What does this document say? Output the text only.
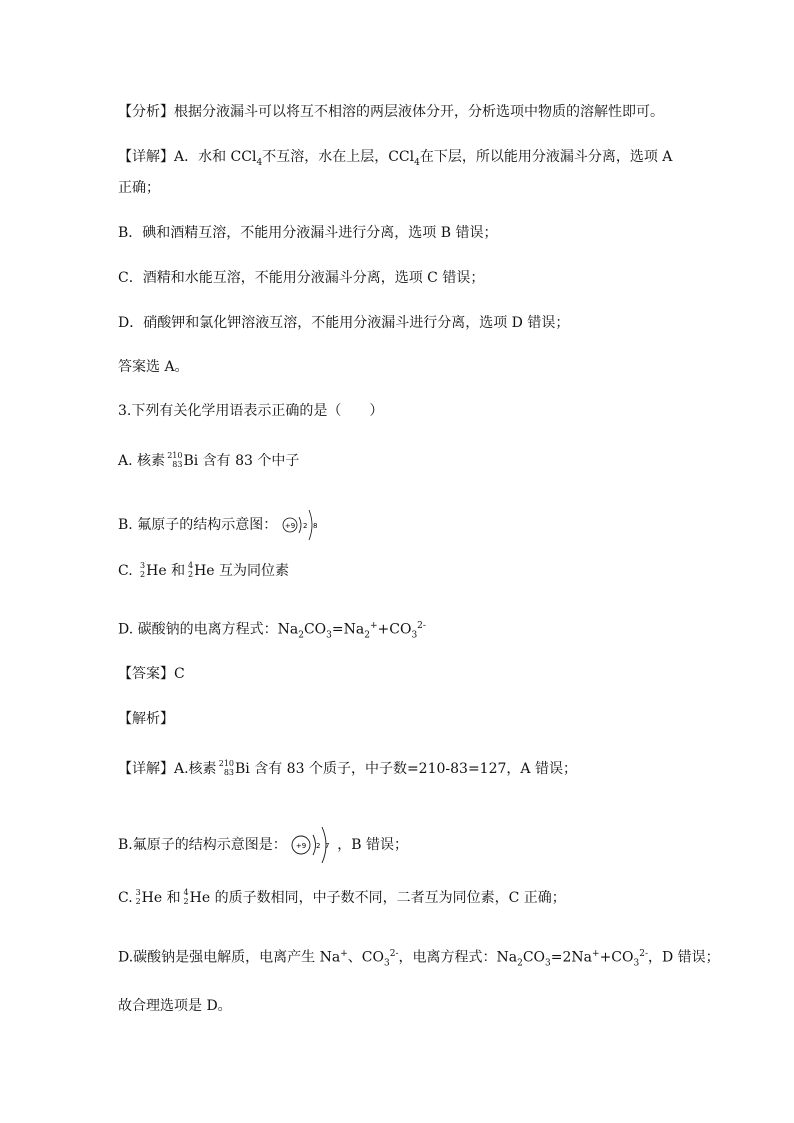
【分析】根据分液漏斗可以将互不相溶的两层液体分开，分析选项中物质的溶解性即可。
【详解】A．水和 CCl$_4$不互溶，水在上层，CCl$_4$在下层，所以能用分液漏斗分离，选项 A
正确；
B．碘和酒精互溶，不能用分液漏斗进行分离，选项 B 错误；
C．酒精和水能互溶，不能用分液漏斗分离，选项 C 错误；
D．硝酸钾和氯化钾溶液互溶，不能用分液漏斗进行分离，选项 D 错误；
答案选 A。
3.下列有关化学用语表示正确的是（　　）
A. 核素
210
83 Bi 含有 83 个中子
B. 氟原子的结构示意图： +9 2 8
C. 3
2 He 和 4
2 He 互为同位素
D. 碳酸钠的电离方程式：$Na_2CO_3=Na_2^++CO_3^{2-}$
【答案】C
【解析】
【详解】A.核素
210
83 Bi 含有 83 个质子，中子数=210-83=127，A 错误；
B.氟原子的结构示意图是： +9 2 7 ，B 错误；
C. 3
2 He 和 4
2 He 的质子数相同，中子数不同，二者互为同位素，C 正确；
D.碳酸钠是强电解质，电离产生 Na+、$CO_3^{2-}$，电离方程式：$Na_2CO_3=2Na^++CO_3^{2-}$，D 错误；
故合理选项是 D。
